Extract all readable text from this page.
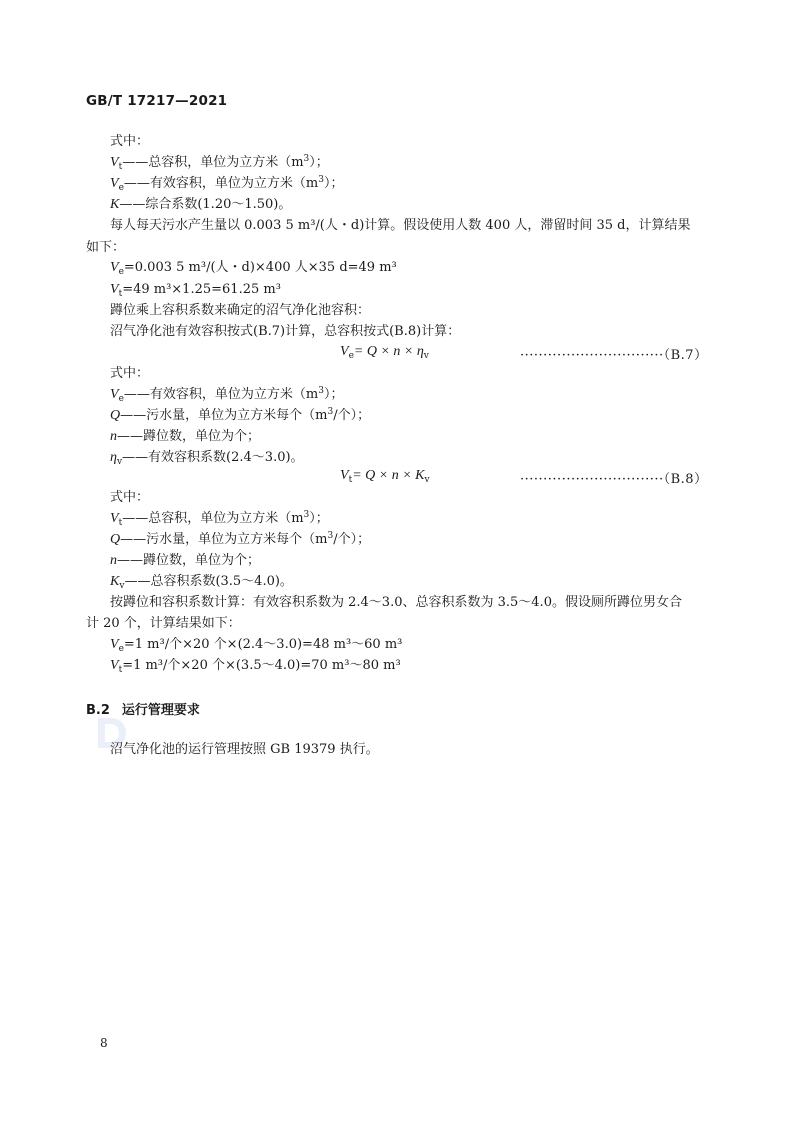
GB/T 17217—2021
式中：
$V_t——$总容积，单位为立方米$(m^3)$；
$V_e——$有效容积，单位为立方米$(m^3)$；
K——综合系数(1.20～1.50)。
每人每天污水产生量以 0.003 5 m³/(人・d)计算。假设使用人数 400 人，滞留时间 35 d，计算结果
如下：
$V_e=0.003$ 5 m³/(人・d)×400 人×35 d=49 m³
$V_t=49$ m³×1.25=61.25 m³
蹲位乘上容积系数来确定的沼气净化池容积：
沼气净化池有效容积按式(B.7)计算，总容积按式(B.8)计算：
$V_e= Q \times n \times \eta_v$	·······························（B.7）
式中：
$V_e——$有效容积，单位为立方米$(m^3)$；
Q——污水量，单位为立方米每个（$m^3/$个）；
n——蹲位数，单位为个；
$\eta_v——$有效容积系数(2.4～3.0)。
$V_t= Q \times n \times K_v$	·······························（B.8）
式中：
$V_t——$总容积，单位为立方米$(m^3)$；
Q——污水量，单位为立方米每个（$m^3/$个）；
n——蹲位数，单位为个；
$K_v——$总容积系数(3.5～4.0)。
按蹲位和容积系数计算：有效容积系数为 2.4～3.0、总容积系数为 3.5～4.0。假设厕所蹲位男女合
计 20 个，计算结果如下：
$V_e=1$ m³/个×20 个×(2.4～3.0)=48 m³～60 m³
$V_t=1$ m³/个×20 个×(3.5～4.0)=70 m³～80 m³
B.2 运行管理要求
沼气净化池的运行管理按照 GB 19379 执行。
8
